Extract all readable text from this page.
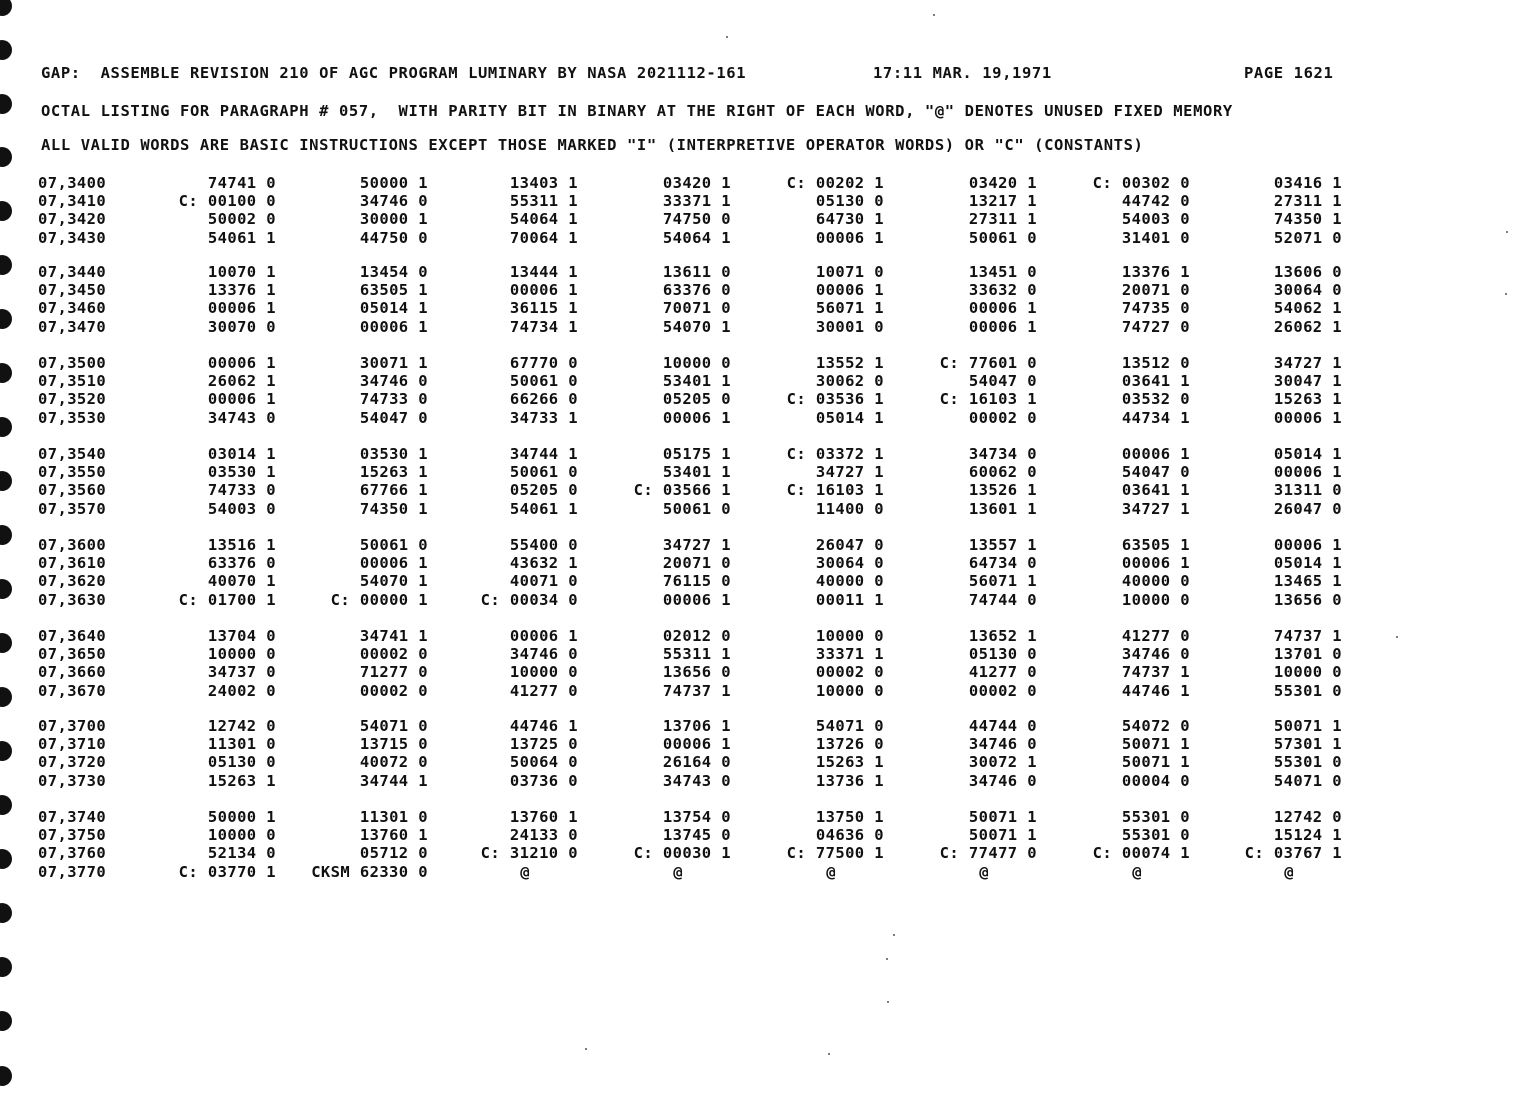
GAP:  ASSEMBLE REVISION 210 OF AGC PROGRAM LUMINARY BY NASA 2021112-161	17:11 MAR. 19,1971	PAGE 1621
OCTAL LISTING FOR PARAGRAPH # 057,  WITH PARITY BIT IN BINARY AT THE RIGHT OF EACH WORD, "@" DENOTES UNUSED FIXED MEMORY
ALL VALID WORDS ARE BASIC INSTRUCTIONS EXCEPT THOSE MARKED "I" (INTERPRETIVE OPERATOR WORDS) OR "C" (CONSTANTS)
07,3400	74741 0	50000 1	13403 1	03420 1	C: 00202 1	03420 1	C: 00302 0	03416 1
07,3410	C: 00100 0	34746 0	55311 1	33371 1	05130 0	13217 1	44742 0	27311 1
07,3420	50002 0	30000 1	54064 1	74750 0	64730 1	27311 1	54003 0	74350 1
07,3430	54061 1	44750 0	70064 1	54064 1	00006 1	50061 0	31401 0	52071 0
07,3440	10070 1	13454 0	13444 1	13611 0	10071 0	13451 0	13376 1	13606 0
07,3450	13376 1	63505 1	00006 1	63376 0	00006 1	33632 0	20071 0	30064 0
07,3460	00006 1	05014 1	36115 1	70071 0	56071 1	00006 1	74735 0	54062 1
07,3470	30070 0	00006 1	74734 1	54070 1	30001 0	00006 1	74727 0	26062 1
07,3500	00006 1	30071 1	67770 0	10000 0	13552 1	C: 77601 0	13512 0	34727 1
07,3510	26062 1	34746 0	50061 0	53401 1	30062 0	54047 0	03641 1	30047 1
07,3520	00006 1	74733 0	66266 0	05205 0	C: 03536 1	C: 16103 1	03532 0	15263 1
07,3530	34743 0	54047 0	34733 1	00006 1	05014 1	00002 0	44734 1	00006 1
07,3540	03014 1	03530 1	34744 1	05175 1	C: 03372 1	34734 0	00006 1	05014 1
07,3550	03530 1	15263 1	50061 0	53401 1	34727 1	60062 0	54047 0	00006 1
07,3560	74733 0	67766 1	05205 0	C: 03566 1	C: 16103 1	13526 1	03641 1	31311 0
07,3570	54003 0	74350 1	54061 1	50061 0	11400 0	13601 1	34727 1	26047 0
07,3600	13516 1	50061 0	55400 0	34727 1	26047 0	13557 1	63505 1	00006 1
07,3610	63376 0	00006 1	43632 1	20071 0	30064 0	64734 0	00006 1	05014 1
07,3620	40070 1	54070 1	40071 0	76115 0	40000 0	56071 1	40000 0	13465 1
07,3630	C: 01700 1	C: 00000 1	C: 00034 0	00006 1	00011 1	74744 0	10000 0	13656 0
07,3640	13704 0	34741 1	00006 1	02012 0	10000 0	13652 1	41277 0	74737 1
07,3650	10000 0	00002 0	34746 0	55311 1	33371 1	05130 0	34746 0	13701 0
07,3660	34737 0	71277 0	10000 0	13656 0	00002 0	41277 0	74737 1	10000 0
07,3670	24002 0	00002 0	41277 0	74737 1	10000 0	00002 0	44746 1	55301 0
07,3700	12742 0	54071 0	44746 1	13706 1	54071 0	44744 0	54072 0	50071 1
07,3710	11301 0	13715 0	13725 0	00006 1	13726 0	34746 0	50071 1	57301 1
07,3720	05130 0	40072 0	50064 0	26164 0	15263 1	30072 1	50071 1	55301 0
07,3730	15263 1	34744 1	03736 0	34743 0	13736 1	34746 0	00004 0	54071 0
07,3740	50000 1	11301 0	13760 1	13754 0	13750 1	50071 1	55301 0	12742 0
07,3750	10000 0	13760 1	24133 0	13745 0	04636 0	50071 1	55301 0	15124 1
07,3760	52134 0	05712 0	C: 31210 0	C: 00030 1	C: 77500 1	C: 77477 0	C: 00074 1	C: 03767 1
07,3770	C: 03770 1 CKSM 62330 0	@	@	@	@	@	@
